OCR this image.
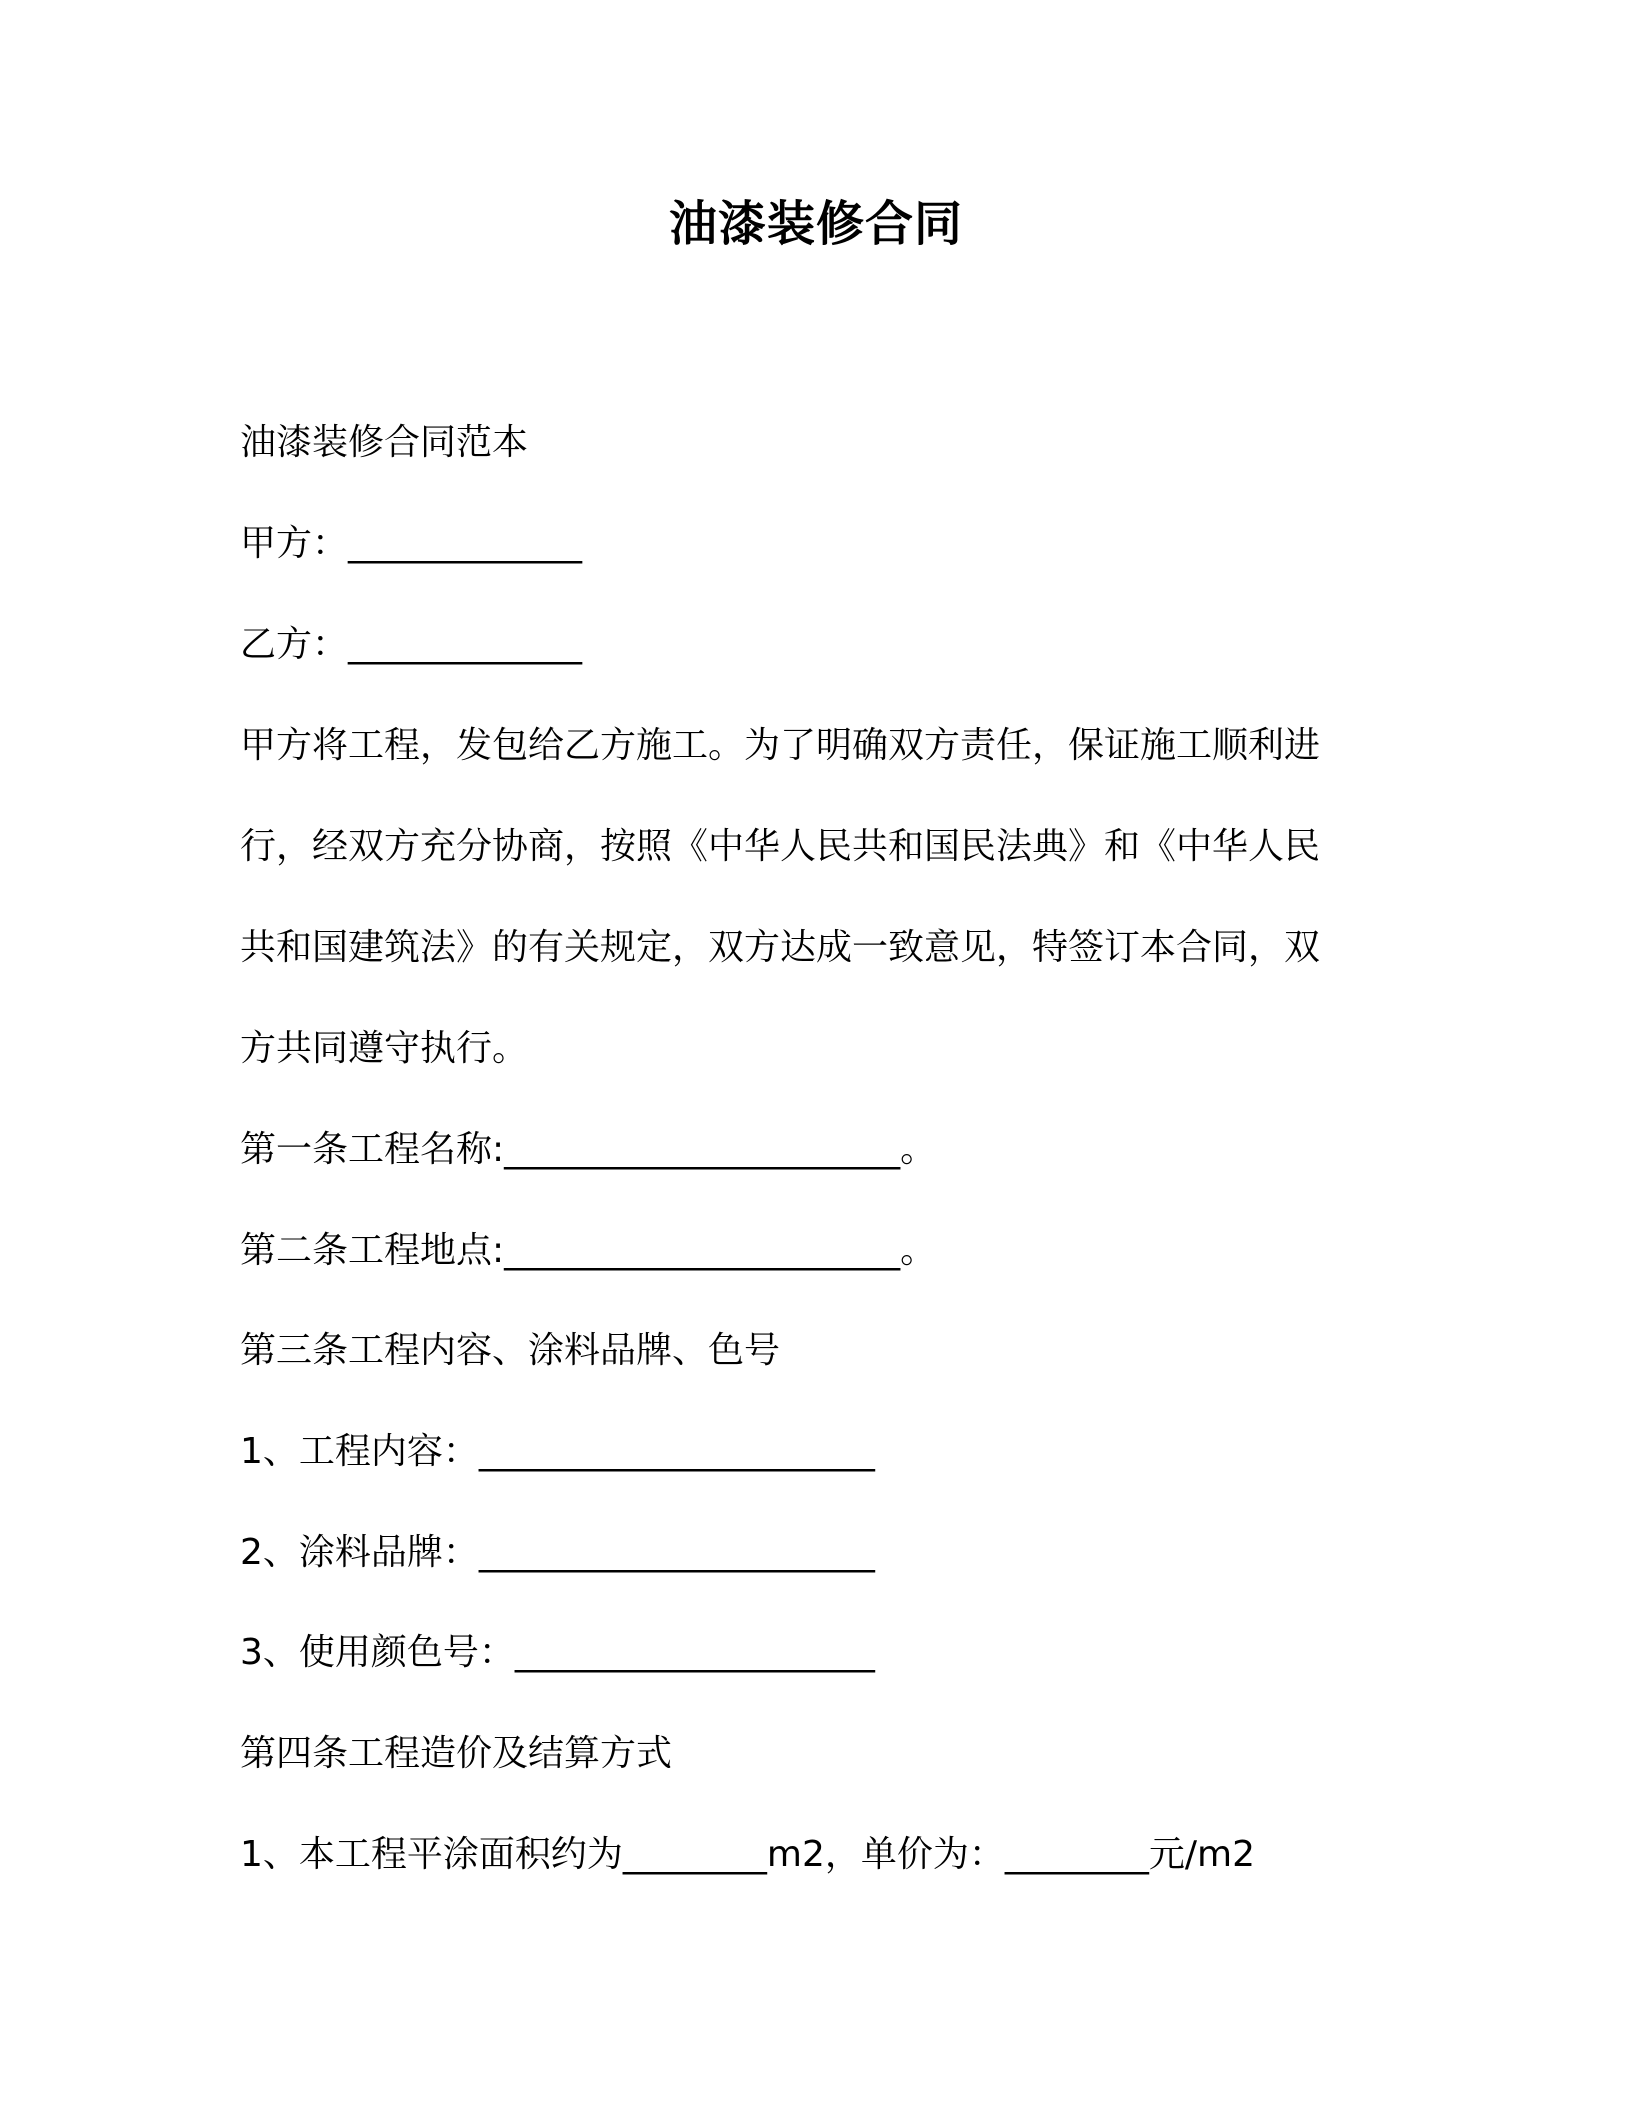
油漆装修合同
油漆装修合同范本
甲方：_____________
乙方：_____________

甲方将工程，发包给乙方施工。为了明确双方责任，保证施工顺利进

行，经双方充分协商，按照《中华人民共和国民法典》和《中华人民

共和国建筑法》的有关规定，双方达成一致意见，特签订本合同，双

方共同遵守执行。

第一条工程名称:______________________。
第二条工程地点:______________________。
第三条工程内容、涂料品牌、色号
1、工程内容：______________________
2、涂料品牌：______________________
3、使用颜色号：____________________
第四条工程造价及结算方式
1、本工程平涂面积约为________m2，单价为：________元/m2
